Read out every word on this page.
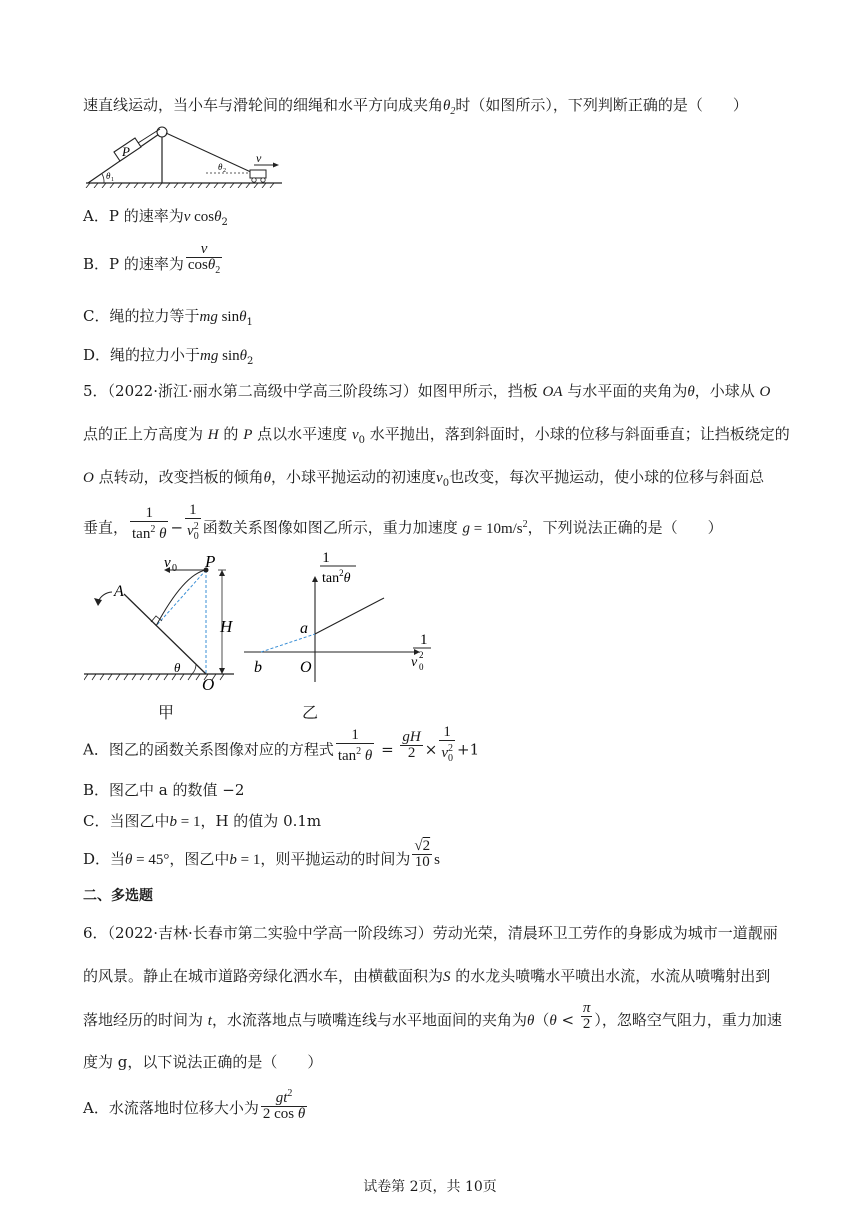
速直线运动，当小车与滑轮间的细绳和水平方向成夹角$\theta_2$时（如图所示），下列判断正确的是（　　）
P
θ 1
θ 2
v
A．P 的速率为v cosθ$_2$
B．P 的速率为 $\frac{v}{\cos\theta_2}$
C．绳的拉力等于mg sinθ$_1$
D．绳的拉力小于mg sinθ$_2$
5．（2022·浙江·丽水第二高级中学高三阶段练习）如图甲所示，挡板 OA 与水平面的夹角为θ，小球从 O
点的正上方高度为 H 的 P 点以水平速度 $v_0$ 水平抛出，落到斜面时，小球的位移与斜面垂直；让挡板绕定的
O 点转动，改变挡板的倾角θ，小球平抛运动的初速度$v_0$也改变，每次平抛运动，使小球的位移与斜面总
垂直， $\frac{1}{\tan^2 \theta} - \frac{1}{v^2_0}$ 函数关系图像如图乙所示，重力加速度 $g = 10m/s^2$，下列说法正确的是（　　）
A
P
H
O
θ
v 0
甲
1
$\tan^2\theta$
1
v 2
0
a
b O
乙
A．图乙的函数关系图像对应的方程式 $\frac{1}{\tan^2 \theta} = \frac{gH}{2} \times \frac{1}{v^2_0} +1$
B．图乙中 a 的数值 −2
C．当图乙中b = 1，H 的值为 0.1m
D．当θ = 45°，图乙中b = 1，则平抛运动的时间为 $\frac{√2}{10}$ s
二、多选题
6．（2022·吉林·长春市第二实验中学高一阶段练习）劳动光荣，清晨环卫工劳作的身影成为城市一道靓丽
的风景。静止在城市道路旁绿化洒水车，由横截面积为S 的水龙头喷嘴水平喷出水流，水流从喷嘴射出到
落地经历的时间为 t，水流落地点与喷嘴连线与水平地面间的夹角为$\theta(\theta < \frac{\pi}{2}$ ），忽略空气阻力，重力加速
度为 g，以下说法正确的是（　　）
A．水流落地时位移大小为 $\frac{gt^2}{\text{2 cos θ}}$
试卷第 2页，共 10页
